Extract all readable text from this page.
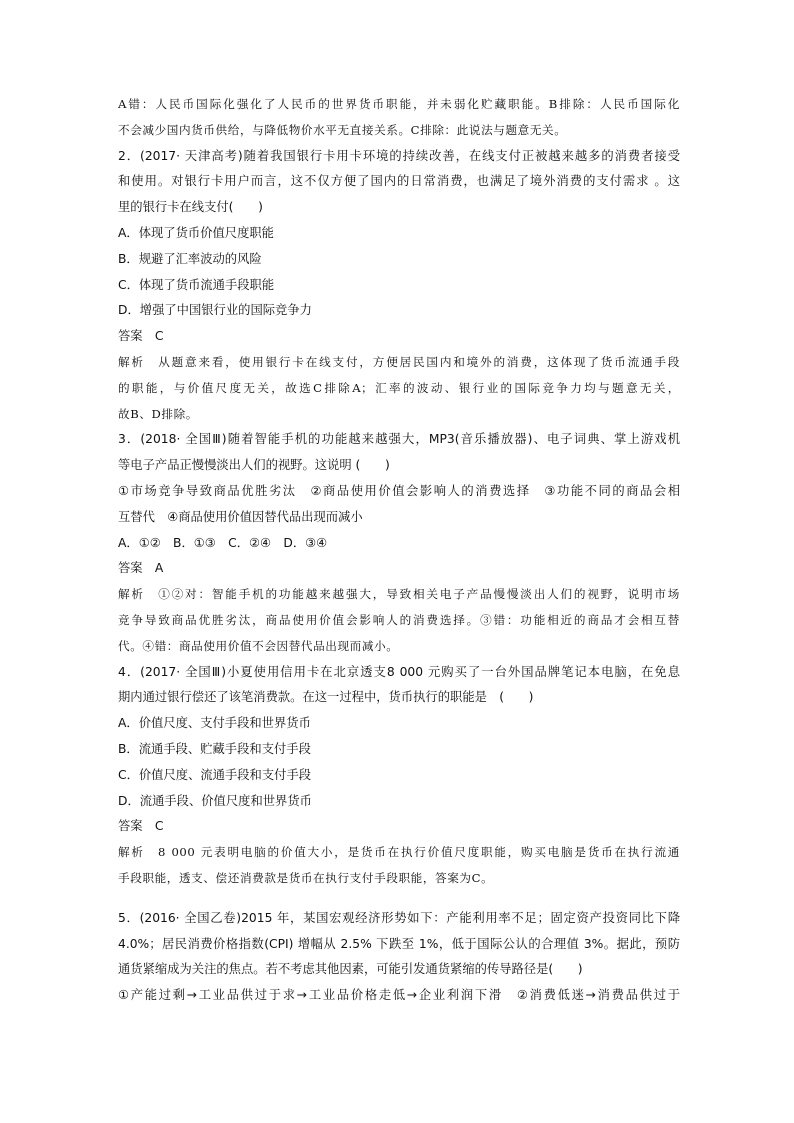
A错：人民币国际化强化了人民币的世界货币职能，并未弱化贮藏职能。B排除：人民币国际化
不会减少国内货币供给，与降低物价水平无直接关系。C排除：此说法与题意无关。
2．(2017· 天津高考)随着我国银行卡用卡环境的持续改善，在线支付正被越来越多的消费者接受
和使用。对银行卡用户而言，这不仅方便了国内的日常消费，也满足了境外消费的支付需求 。这
里的银行卡在线支付(　　)
A．体现了货币价值尺度职能
B．规避了汇率波动的风险
C．体现了货币流通手段职能
D．增强了中国银行业的国际竞争力
答案　C
解析　从题意来看，使用银行卡在线支付，方便居民国内和境外的消费，这体现了货币流通手段
的职能，与价值尺度无关，故选C排除A；汇率的波动、银行业的国际竞争力均与题意无关，
故B、D排除。
3．(2018· 全国Ⅲ)随着智能手机的功能越来越强大，MP3(音乐播放器)、电子词典、掌上游戏机
等电子产品正慢慢淡出人们的视野。这说明 (　　)
①市场竞争导致商品优胜劣汰　②商品使用价值会影响人的消费选择　③功能不同的商品会相
互替代　④商品使用价值因替代品出现而减小
A．①②　B．①③　C．②④　D．③④
答案　A
解析　①②对：智能手机的功能越来越强大，导致相关电子产品慢慢淡出人们的视野，说明市场
竞争导致商品优胜劣汰，商品使用价值会影响人的消费选择。③错：功能相近的商品才会相互替
代。④错：商品使用价值不会因替代品出现而减小。
4．(2017· 全国Ⅲ)小夏使用信用卡在北京透支8 000 元购买了一台外国品牌笔记本电脑，在免息
期内通过银行偿还了该笔消费款。在这一过程中，货币执行的职能是　(　　)
A．价值尺度、支付手段和世界货币
B．流通手段、贮藏手段和支付手段
C．价值尺度、流通手段和支付手段
D．流通手段、价值尺度和世界货币
答案　C
解析　8 000 元表明电脑的价值大小，是货币在执行价值尺度职能，购买电脑是货币在执行流通
手段职能，透支、偿还消费款是货币在执行支付手段职能，答案为C。
5．(2016· 全国乙卷)2015 年，某国宏观经济形势如下：产能利用率不足；固定资产投资同比下降
4.0%；居民消费价格指数(CPI) 增幅从 2.5% 下跌至 1%，低于国际公认的合理值 3%。据此，预防
通货紧缩成为关注的焦点。若不考虑其他因素，可能引发通货紧缩的传导路径是(　　)
①产能过剩→工业品供过于求→工业品价格走低→企业利润下滑　②消费低迷→消费品供过于
